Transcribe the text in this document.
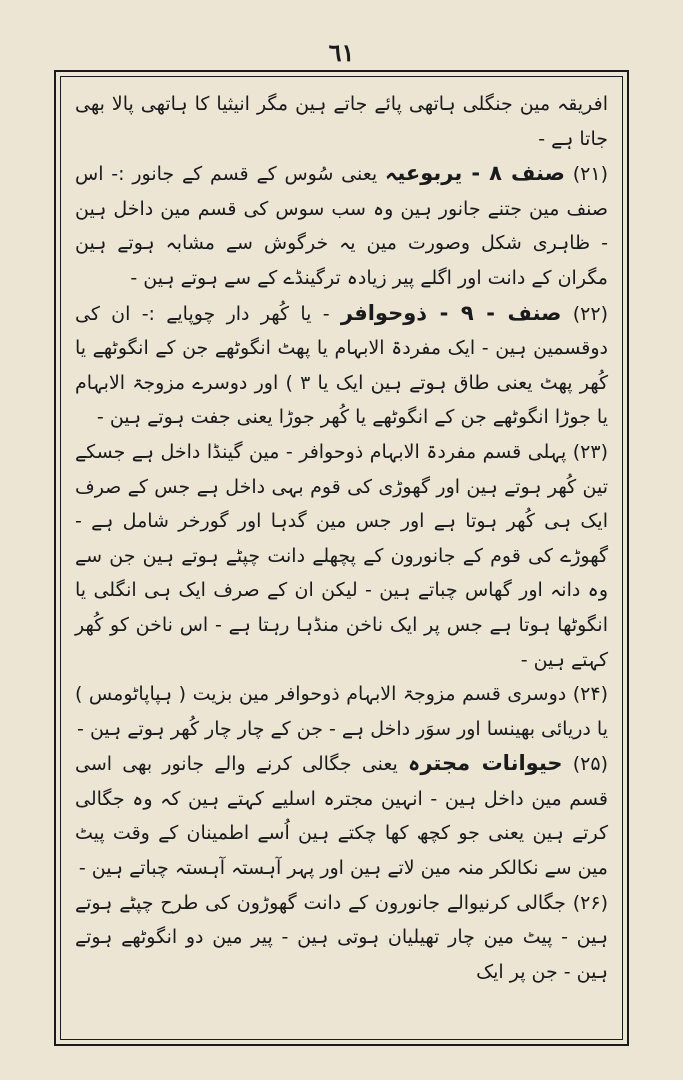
٦١

افریقہ مین جنگلی ہاتھی پائے جاتے ہین مگر انیثیا کا ہاتھی پالا بھی جاتا ہے -

(۲۱) صنف ۸ - یربوعیہ یعنی سُوس کے قسم کے جانور :- اس صنف مین جتنے جانور ہین وہ سب سوس کی قسم مین داخل ہین - ظاہری شکل وصورت مین یہ خرگوش سے مشابہ ہوتے ہین مگران کے دانت اور اگلے پیر زیادہ ترگینڈے کے سے ہوتے ہین -

(۲۲) صنف - ۹ - ذوحوافر - یا کُھر دار چوپایے :- ان کی دوقسمین ہین - ایک مفردۃ الابہام یا پھٹ انگوٹھے جن کے انگوٹھے یا کُھر پھٹ یعنی طاق ہوتے ہین ایک یا ۳ ) اور دوسرے مزوجۃ الابہام یا جوڑا انگوٹھے جن کے انگوٹھے یا کُھر جوڑا یعنی جفت ہوتے ہین -

(۲۳) پہلی قسم مفردۃ الابہام ذوحوافر - مین گینڈا داخل ہے جسکے تین کُھر ہوتے ہین اور گھوڑی کی قوم بہی داخل ہے جس کے صرف ایک ہی کُھر ہوتا ہے اور جس مین گدہا اور گورخر شامل ہے - گھوڑے کی قوم کے جانورون کے پچھلے دانت چپٹے ہوتے ہین جن سے وہ دانہ اور گھاس چباتے ہین - لیکن ان کے صرف ایک ہی انگلی یا انگوٹھا ہوتا ہے جس پر ایک ناخن منڈہا رہتا ہے - اس ناخن کو کُھر کہتے ہین -

(۲۴) دوسری قسم مزوجۃ الابہام ذوحوافر مین بزیت ( ہپاپاٹومس ) یا دریائی بھینسا اور سوَر داخل ہے - جن کے چار چار کُھر ہوتے ہین -

(۲۵) حیوانات مجترہ یعنی جگالی کرنے والے جانور بھی اسی قسم مین داخل ہین - انہین مجترہ اسلیے کہتے ہین کہ وہ جگالی کرتے ہین یعنی جو کچھ کھا چکتے ہین اُسے اطمینان کے وقت پیٹ مین سے نکالکر منہ مین لاتے ہین اور پہر آہستہ آہستہ چباتے ہین -

(۲۶) جگالی کرنیوالے جانورون کے دانت گھوڑون کی طرح چپٹے ہوتے ہین - پیٹ مین چار تھیلیان ہوتی ہین - پیر مین دو انگوٹھے ہوتے ہین - جن پر ایک
